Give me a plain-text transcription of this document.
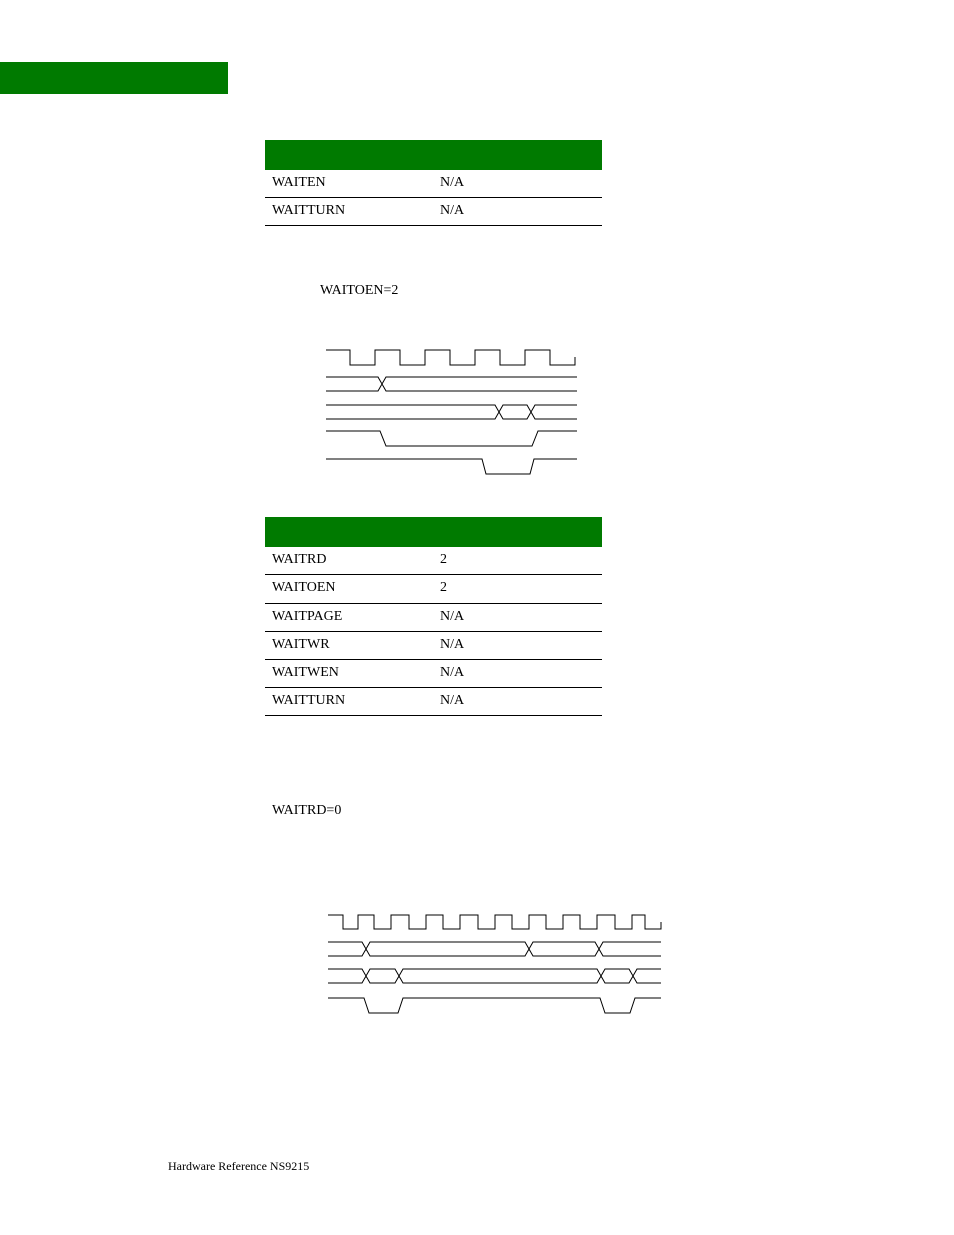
WAITEN	N/A
WAITTURN	N/A
WAITOEN=2
WAITRD	2
WAITOEN	2
WAITPAGE	N/A
WAITWR	N/A
WAITWEN	N/A
WAITTURN	N/A
WAITRD=0
Hardware Reference NS9215
